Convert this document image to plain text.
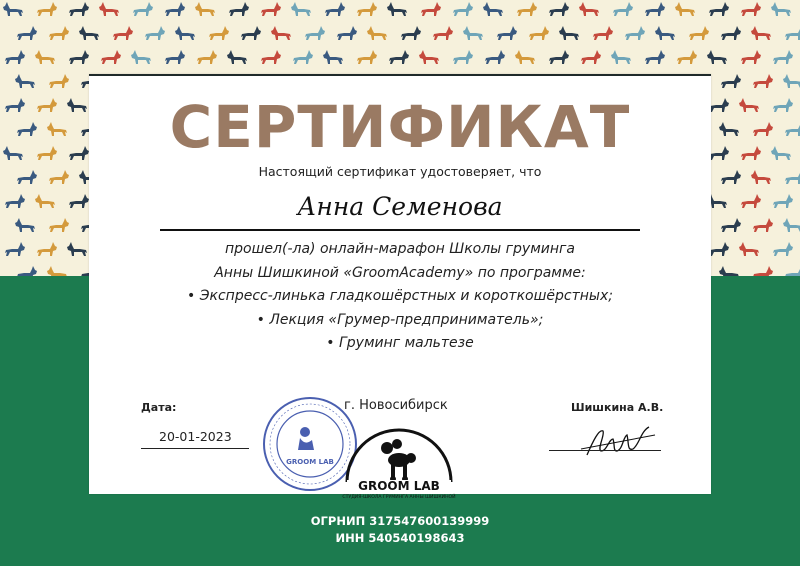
СЕРТИФИКАТ
Настоящий сертификат удостоверяет, что
Анна Семенова
прошел(-ла) онлайн-марафон Школы груминга
Анны Шишкиной «GroomAcademy» по программе:
• Экспресс-линька гладкошёрстных и короткошёрстных;
• Лекция «Грумер-предприниматель»;
• Груминг мальтезе
Дата:
20-01-2023
GROOM LAB
г. Новосибирск
GROOM LAB
СТУДИЯ-ШКОЛА ГРУМИНГА АННЫ ШИШКИНОЙ
Шишкина А.В.
ОГРНИП 317547600139999
ИНН 540540198643
